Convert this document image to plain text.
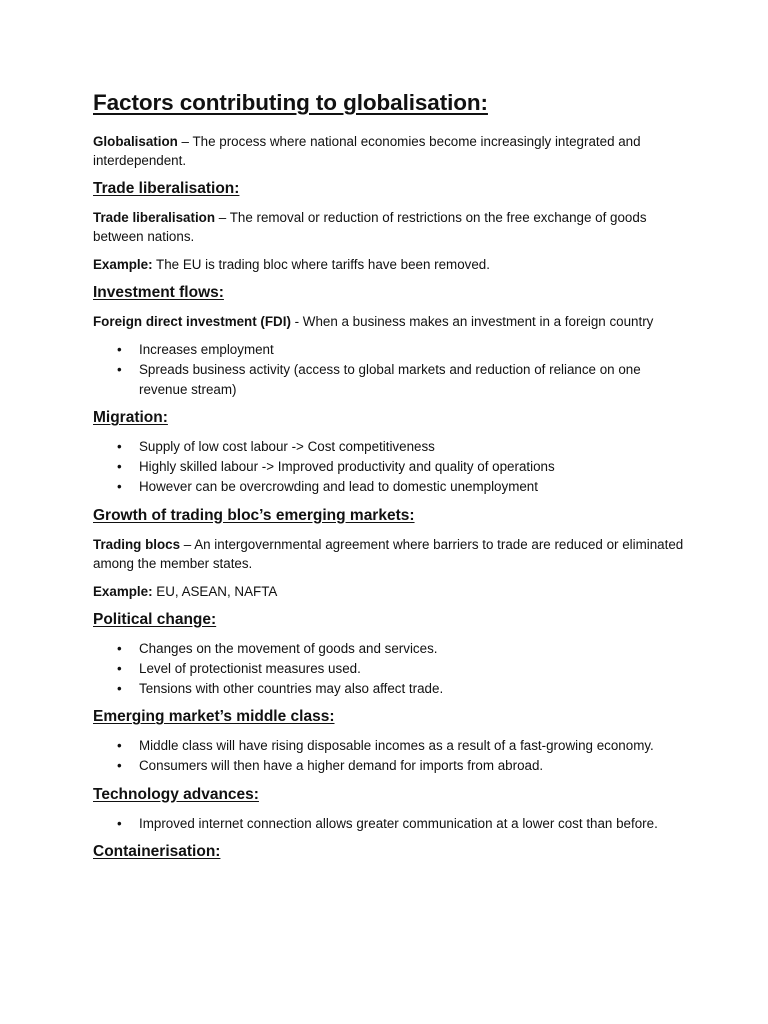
Factors contributing to globalisation:

Globalisation – The process where national economies become increasingly integrated and interdependent.

Trade liberalisation:

Trade liberalisation – The removal or reduction of restrictions on the free exchange of goods between nations.

Example: The EU is trading bloc where tariffs have been removed.

Investment flows:

Foreign direct investment (FDI) - When a business makes an investment in a foreign country

• Increases employment
• Spreads business activity (access to global markets and reduction of reliance on one revenue stream)
Migration:
• Supply of low cost labour -> Cost competitiveness
• Highly skilled labour -> Improved productivity and quality of operations
• However can be overcrowding and lead to domestic unemployment
Growth of trading bloc’s emerging markets:

Trading blocs – An intergovernmental agreement where barriers to trade are reduced or eliminated among the member states.

Example: EU, ASEAN, NAFTA

Political change:
• Changes on the movement of goods and services.
• Level of protectionist measures used.
• Tensions with other countries may also affect trade.
Emerging market’s middle class:
• Middle class will have rising disposable incomes as a result of a fast-growing economy.
• Consumers will then have a higher demand for imports from abroad.
Technology advances:
• Improved internet connection allows greater communication at a lower cost than before.
Containerisation:
